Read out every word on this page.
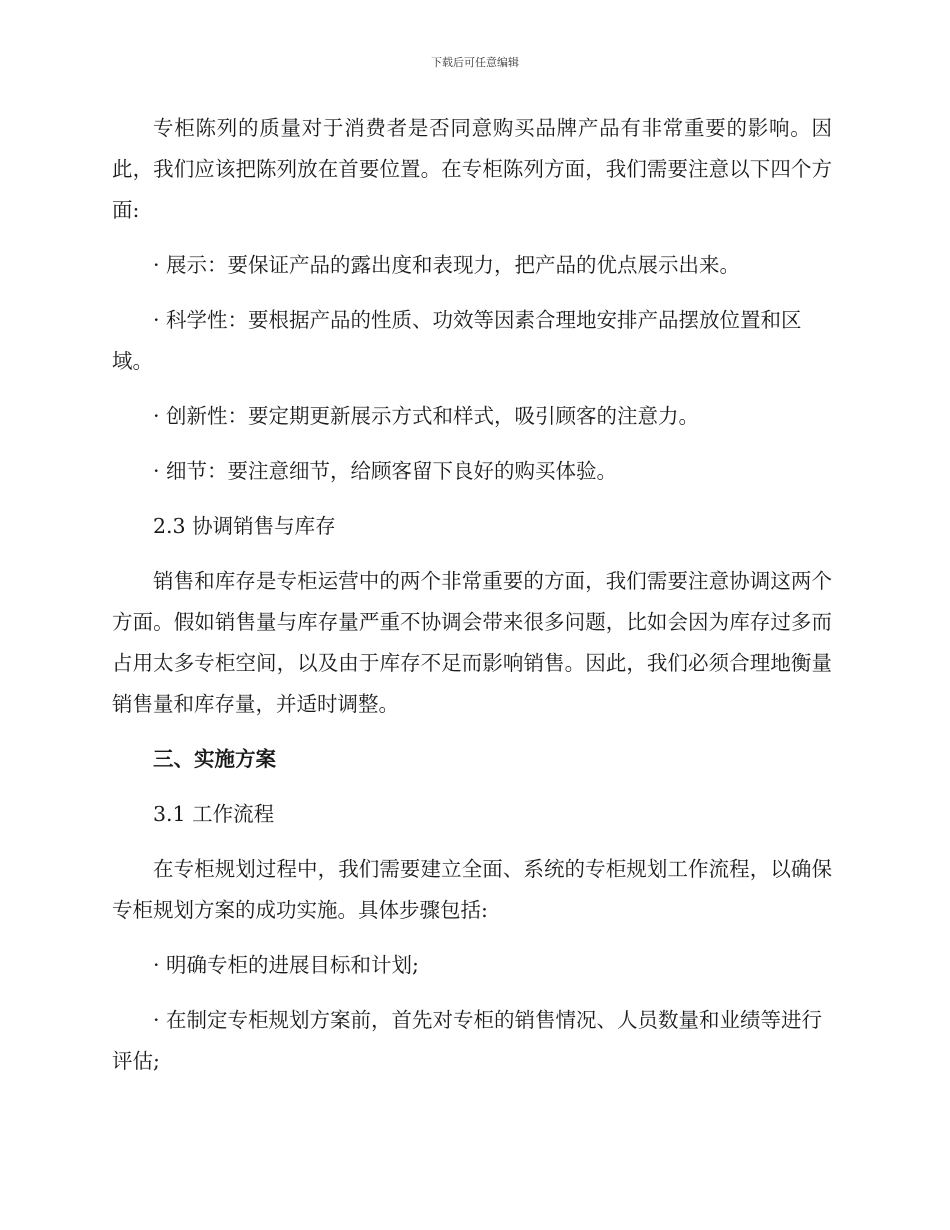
下载后可任意编辑

专柜陈列的质量对于消费者是否同意购买品牌产品有非常重要的影响。因此，我们应该把陈列放在首要位置。在专柜陈列方面，我们需要注意以下四个方面:

· 展示：要保证产品的露出度和表现力，把产品的优点展示出来。

· 科学性：要根据产品的性质、功效等因素合理地安排产品摆放位置和区域。

· 创新性：要定期更新展示方式和样式，吸引顾客的注意力。

· 细节：要注意细节，给顾客留下良好的购买体验。

2.3 协调销售与库存

销售和库存是专柜运营中的两个非常重要的方面，我们需要注意协调这两个方面。假如销售量与库存量严重不协调会带来很多问题，比如会因为库存过多而占用太多专柜空间，以及由于库存不足而影响销售。因此，我们必须合理地衡量销售量和库存量，并适时调整。

三、实施方案

3.1 工作流程

在专柜规划过程中，我们需要建立全面、系统的专柜规划工作流程，以确保专柜规划方案的成功实施。具体步骤包括:

· 明确专柜的进展目标和计划;

· 在制定专柜规划方案前，首先对专柜的销售情况、人员数量和业绩等进行评估;
